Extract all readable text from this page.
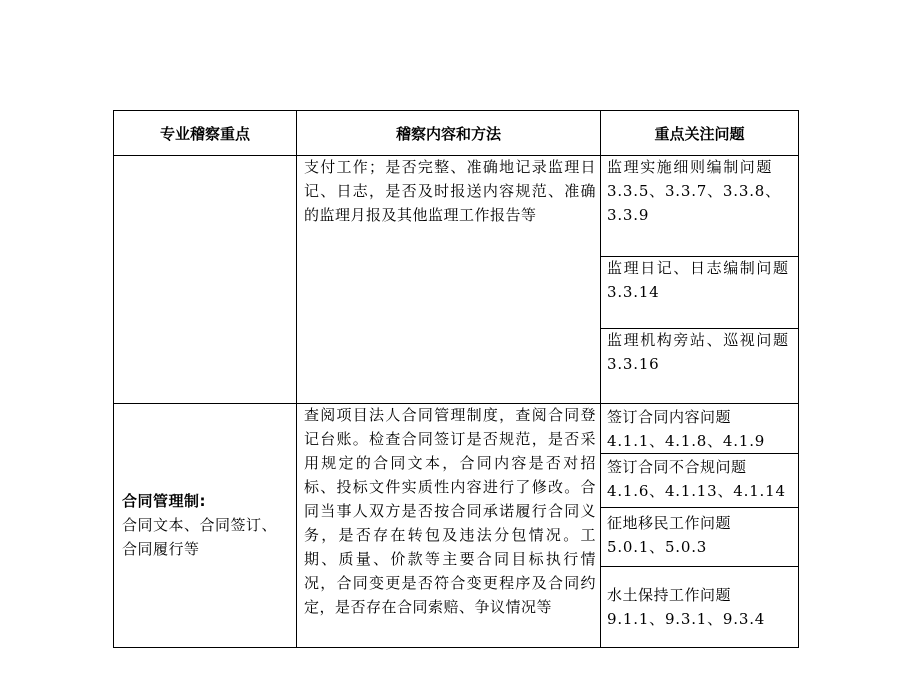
专业稽察重点	稽察内容和方法	重点关注问题
支付工作；是否完整、准确地记录监理日记、日志，是否及时报送内容规范、准确的监理月报及其他监理工作报告等
监理实施细则编制问题
3.3.5、3.3.7、3.3.8、3.3.9
监理日记、日志编制问题
3.3.14
监理机构旁站、巡视问题
3.3.16
合同管理制:
合同文本、合同签订、合同履行等
查阅项目法人合同管理制度，查阅合同登记台账。检查合同签订是否规范，是否采用规定的合同文本，合同内容是否对招标、投标文件实质性内容进行了修改。合同当事人双方是否按合同承诺履行合同义务，是否存在转包及违法分包情况。工期、质量、价款等主要合同目标执行情况，合同变更是否符合变更程序及合同约定，是否存在合同索赔、争议情况等
签订合同内容问题
4.1.1、4.1.8、4.1.9
签订合同不合规问题
4.1.6、4.1.13、4.1.14
征地移民工作问题
5.0.1、5.0.3
水土保持工作问题
9.1.1、9.3.1、9.3.4
